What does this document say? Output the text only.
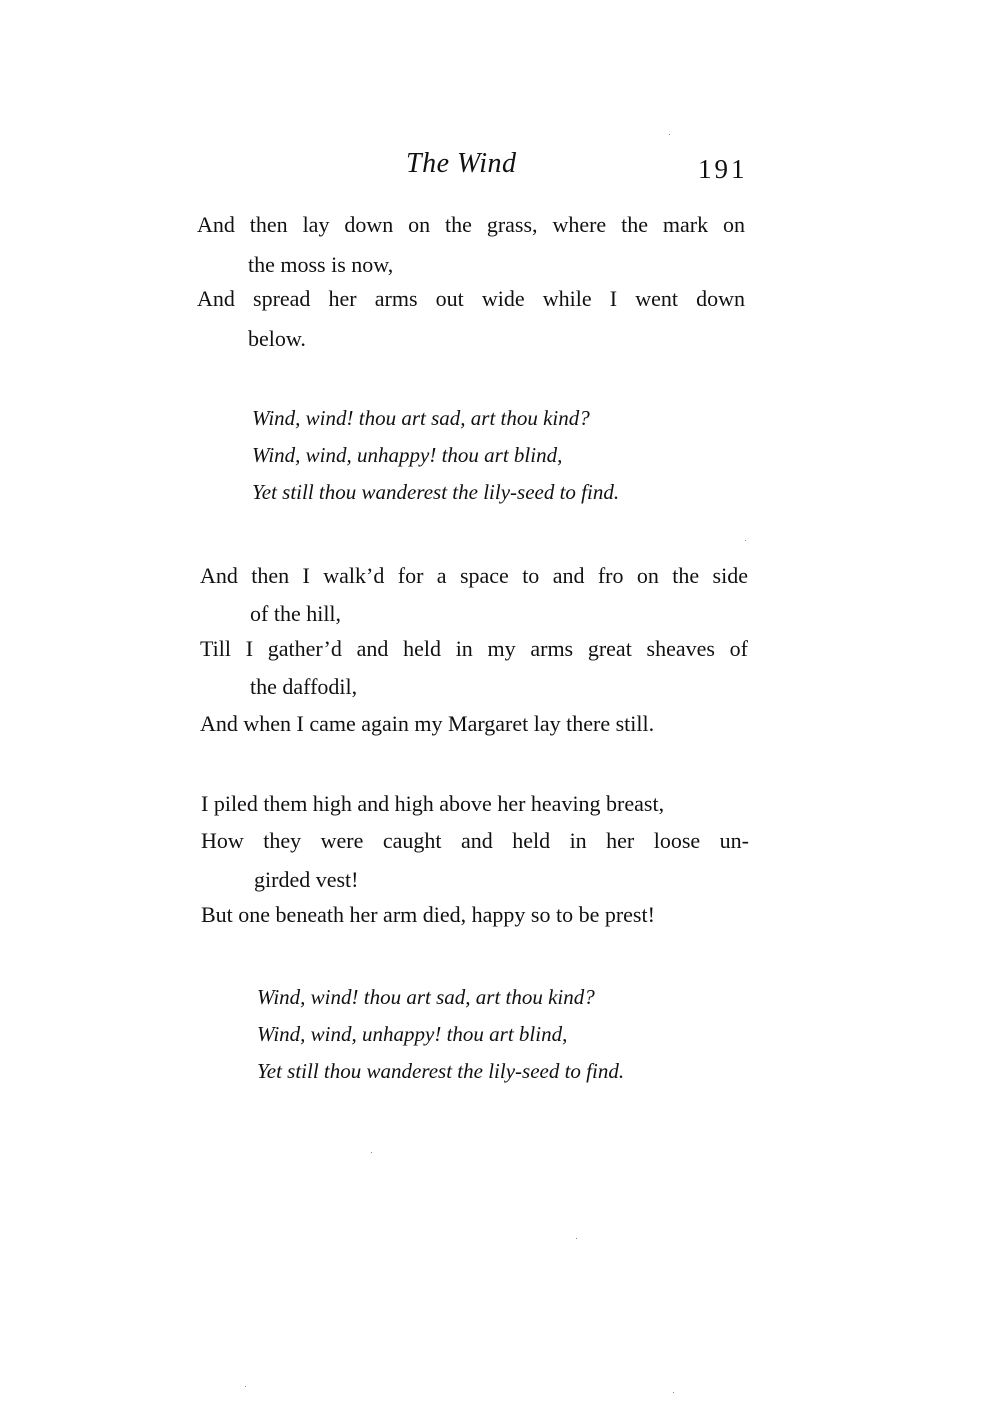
The Wind	191
And then lay down on the grass, where the mark on
the moss is now,
And spread her arms out wide while I went down
below.
Wind, wind! thou art sad, art thou kind?
Wind, wind, unhappy! thou art blind,
Yet still thou wanderest the lily-seed to find.
And then I walk’d for a space to and fro on the side
of the hill,
Till I gather’d and held in my arms great sheaves of
the daffodil,
And when I came again my Margaret lay there still.
I piled them high and high above her heaving breast,
How they were caught and held in her loose un-
girded vest!
But one beneath her arm died, happy so to be prest!
Wind, wind! thou art sad, art thou kind?
Wind, wind, unhappy! thou art blind,
Yet still thou wanderest the lily-seed to find.
